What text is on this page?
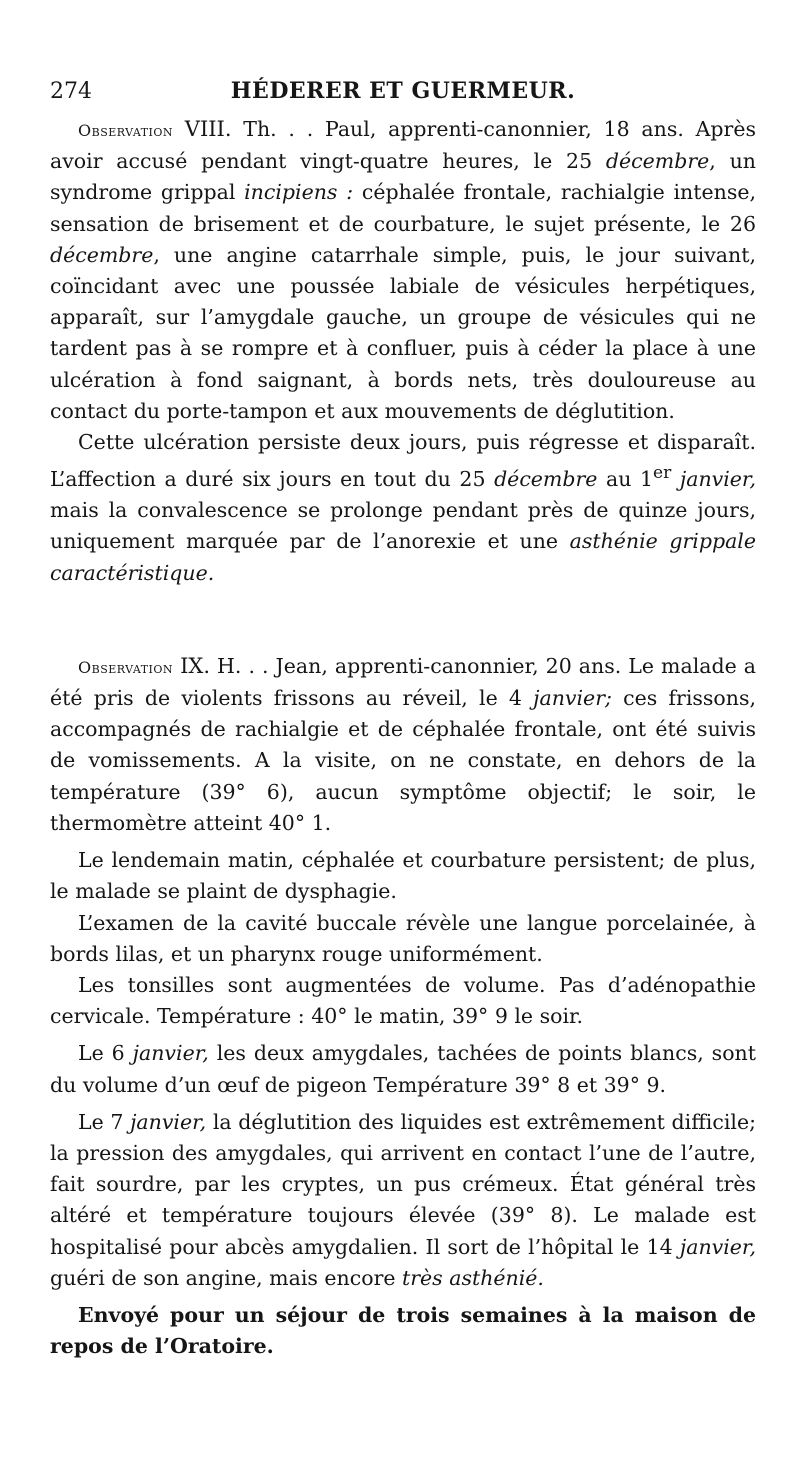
274	HÉDERER ET GUERMEUR.

Observation VIII. Th. . . Paul, apprenti-canonnier, 18 ans. Après avoir accusé pendant vingt-quatre heures, le 25 décembre, un syndrome grippal incipiens : céphalée frontale, rachialgie intense, sensation de brisement et de courbature, le sujet présente, le 26 décembre, une angine catarrhale simple, puis, le jour suivant, coïncidant avec une poussée labiale de vésicules herpétiques, apparaît, sur l’amygdale gauche, un groupe de vésicules qui ne tardent pas à se rompre et à confluer, puis à céder la place à une ulcération à fond saignant, à bords nets, très douloureuse au contact du porte-tampon et aux mouvements de déglutition.

Cette ulcération persiste deux jours, puis régresse et disparaît. L’affection a duré six jours en tout du 25 décembre au 1er janvier, mais la convalescence se prolonge pendant près de quinze jours, uniquement marquée par de l’anorexie et une asthénie grippale caractéristique.

Observation IX. H. . . Jean, apprenti-canonnier, 20 ans. Le malade a été pris de violents frissons au réveil, le 4 janvier; ces frissons, accompagnés de rachialgie et de céphalée frontale, ont été suivis de vomissements. A la visite, on ne constate, en dehors de la température (39° 6), aucun symptôme objectif; le soir, le thermomètre atteint 40° 1.

Le lendemain matin, céphalée et courbature persistent; de plus, le malade se plaint de dysphagie.

L’examen de la cavité buccale révèle une langue porcelainée, à bords lilas, et un pharynx rouge uniformément.

Les tonsilles sont augmentées de volume. Pas d’adénopathie cervicale. Température : 40° le matin, 39° 9 le soir.

Le 6 janvier, les deux amygdales, tachées de points blancs, sont du volume d’un œuf de pigeon Température 39° 8 et 39° 9.

Le 7 janvier, la déglutition des liquides est extrêmement difficile; la pression des amygdales, qui arrivent en contact l’une de l’autre, fait sourdre, par les cryptes, un pus crémeux. État général très altéré et température toujours élevée (39° 8). Le malade est hospitalisé pour abcès amygdalien. Il sort de l’hôpital le 14 janvier, guéri de son angine, mais encore très asthénié.

Envoyé pour un séjour de trois semaines à la maison de repos de l’Oratoire.
